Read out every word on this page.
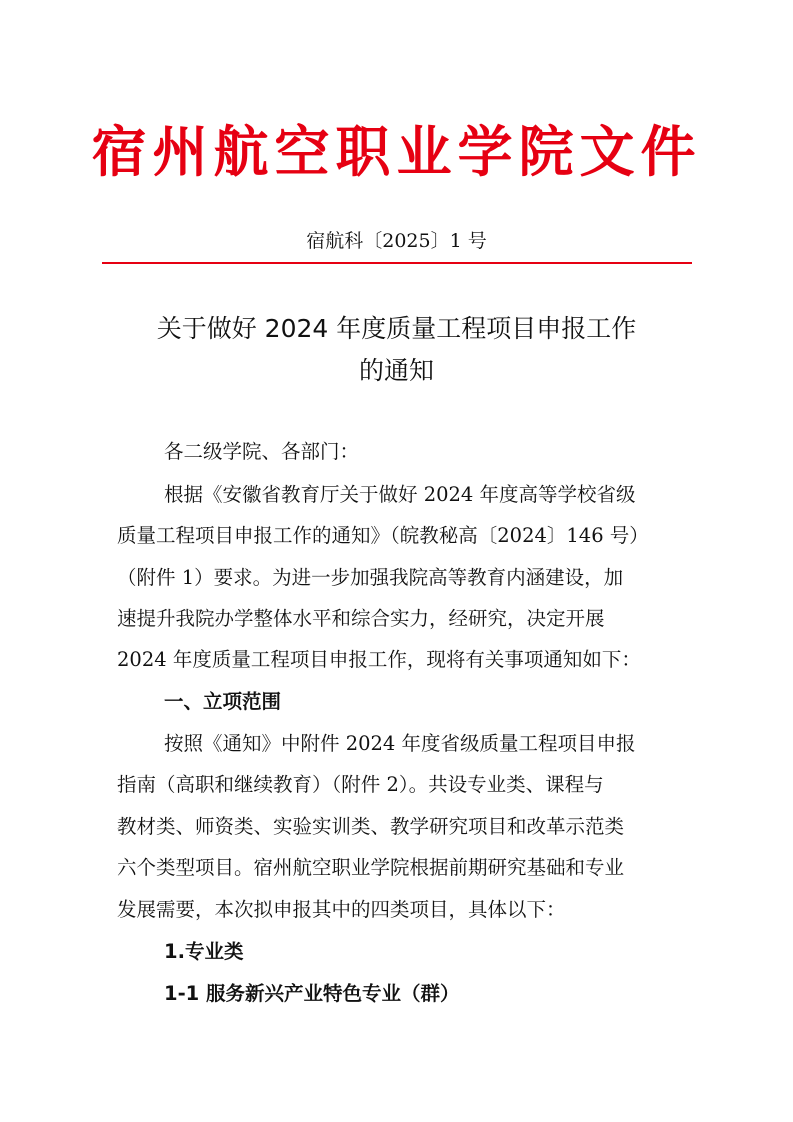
宿州航空职业学院文件
宿航科〔2025〕1 号
关于做好 2024 年度质量工程项目申报工作
的通知
各二级学院、各部门：
根据《安徽省教育厅关于做好 2024 年度高等学校省级
质量工程项目申报工作的通知》（皖教秘高〔2024〕146 号）
（附件 1）要求。为进一步加强我院高等教育内涵建设，加
速提升我院办学整体水平和综合实力，经研究，决定开展
2024 年度质量工程项目申报工作，现将有关事项通知如下：
一、立项范围
按照《通知》中附件 2024 年度省级质量工程项目申报
指南（高职和继续教育）（附件 2）。共设专业类、课程与
教材类、师资类、实验实训类、教学研究项目和改革示范类
六个类型项目。宿州航空职业学院根据前期研究基础和专业
发展需要，本次拟申报其中的四类项目，具体以下：
1.专业类
1-1 服务新兴产业特色专业（群）
